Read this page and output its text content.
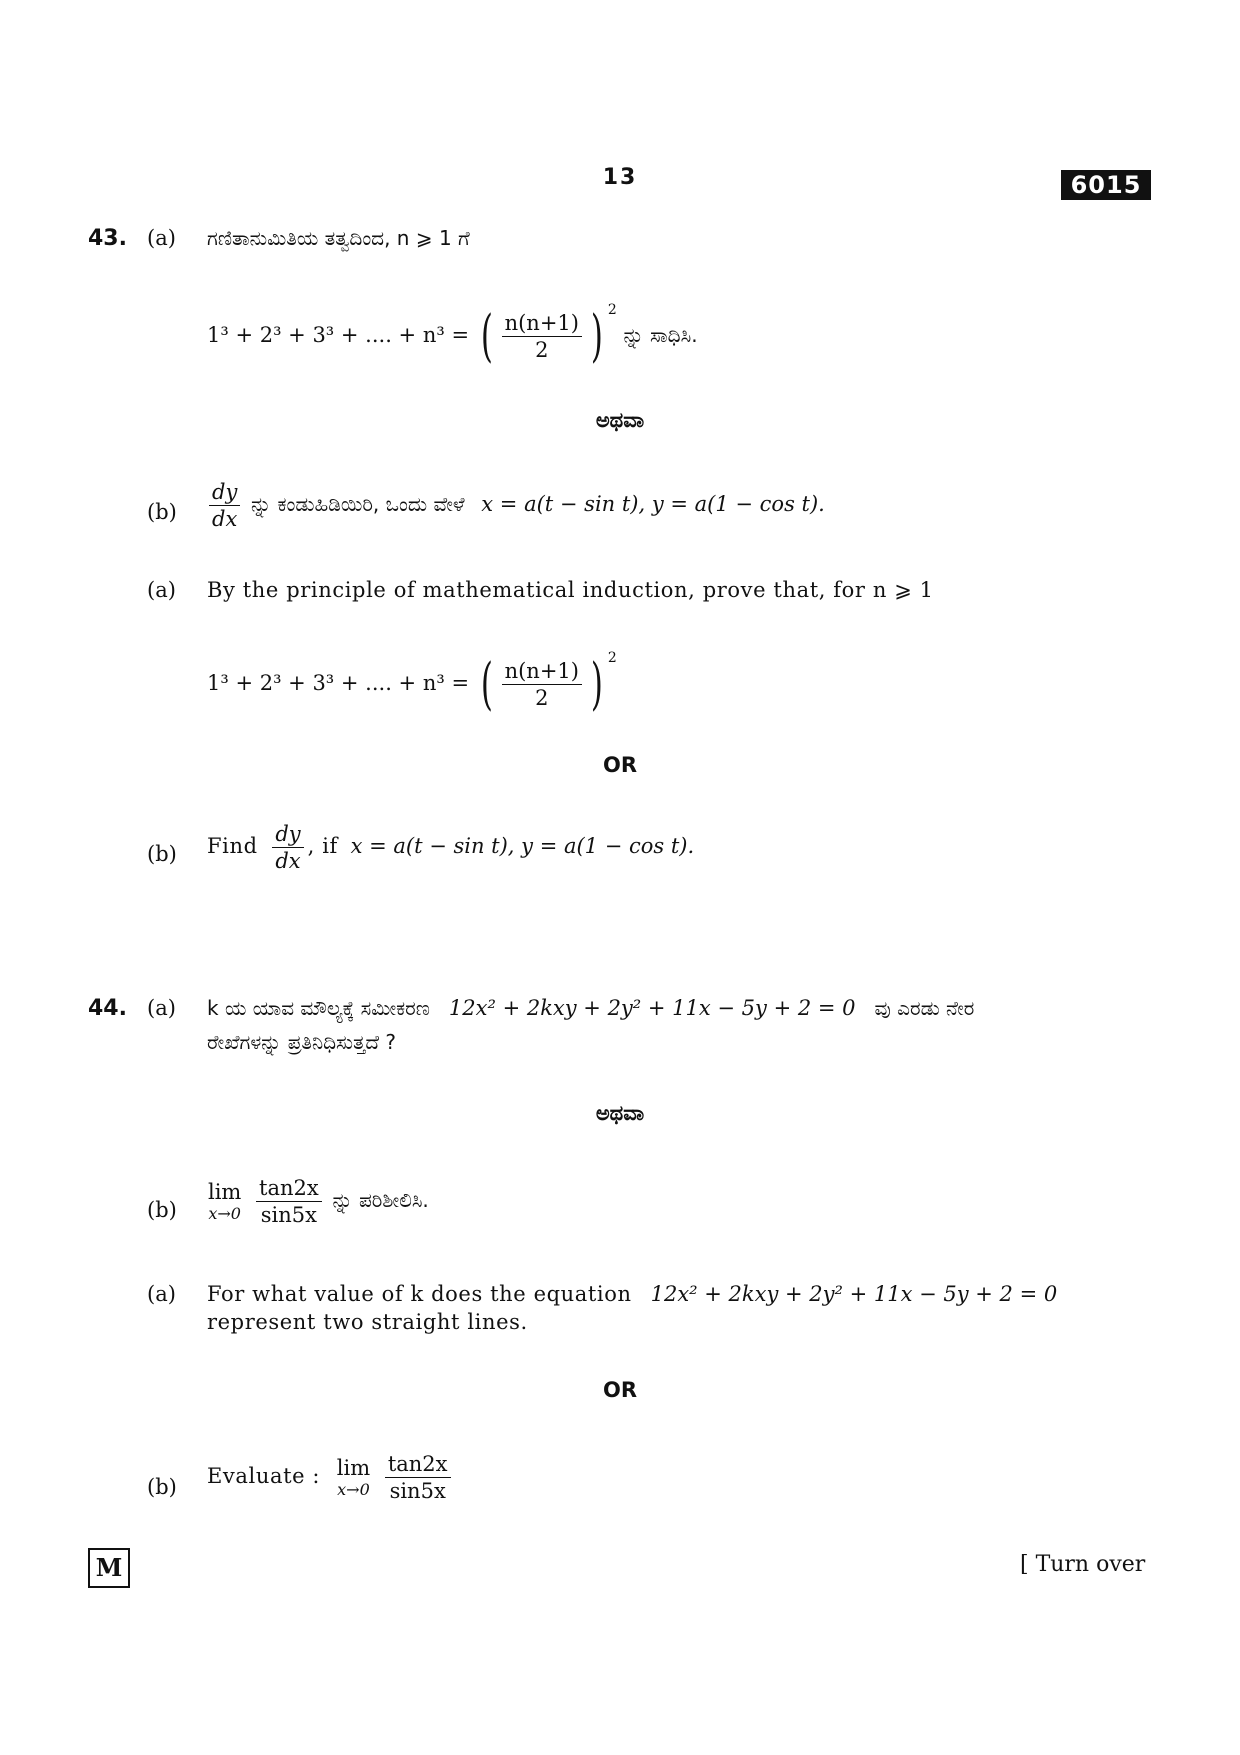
13	6015
43. (a) ಗಣಿತಾನುಮಿತಿಯ ತತ್ವದಿಂದ, n ⩾ 1 ಗೆ
1³ + 2³ + 3³ + .... + n³ = ( $\frac{n(n+1)}{2}$ ) $^2$ ನ್ನು ಸಾಧಿಸಿ.
ಅಥವಾ
$(b) \frac{dy}{dx}$ ನ್ನು ಕಂಡುಹಿಡಿಯಿರಿ, ಒಂದು ವೇಳೆ x = a(t − sin t), y = a(1 − cos t).
(a) By the principle of mathematical induction, prove that, for n ⩾ 1
1³ + 2³ + 3³ + .... + n³ = ( $\frac{n(n+1)}{2}$ ) $^2$
OR
(b) Find $\frac{dy}{dx}$ , if x = a(t − sin t), y = a(1 − cos t).
44. (a) k ಯ ಯಾವ ಮೌಲ್ಯಕ್ಕೆ ಸಮೀಕರಣ 12x² + 2kxy + 2y² + 11x − 5y + 2 = 0 ವು ಎರಡು ನೇರ
ರೇಖೆಗಳನ್ನು ಪ್ರತಿನಿಧಿಸುತ್ತದೆ ?
ಅಥವಾ
(b)
lim
x→0
$\frac{\tan 2x}{\sin 5x}$ ನ್ನು ಪರಿಶೀಲಿಸಿ.
(a) For what value of k does the equation 12x² + 2kxy + 2y² + 11x − 5y + 2 = 0
represent two straight lines.
OR
(b) Evaluate : lim
x→0
$\frac{\tan 2x}{\sin 5x}$
M	[ Turn over
